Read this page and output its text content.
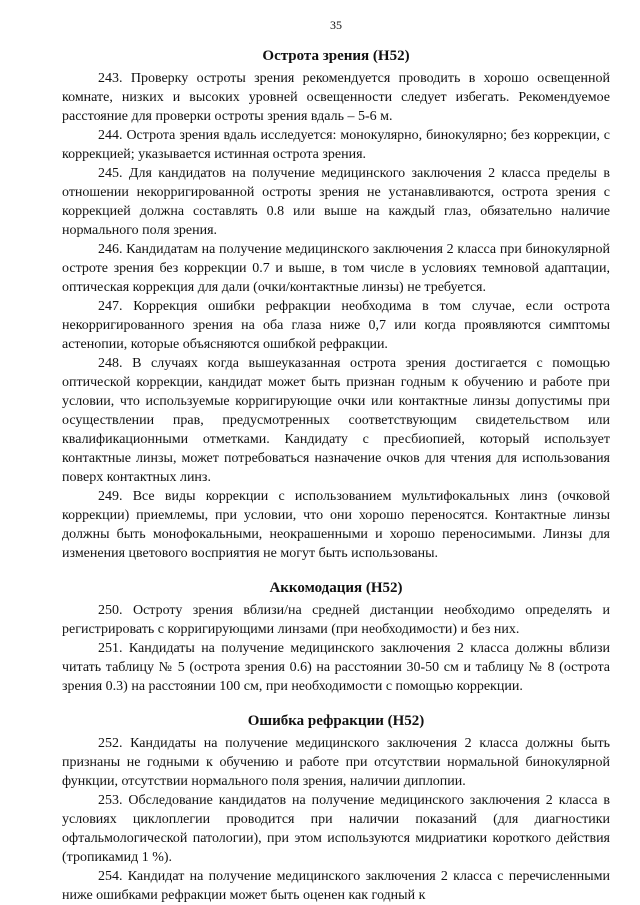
35
Острота зрения (Н52)

243. Проверку остроты зрения рекомендуется проводить в хорошо освещенной комнате, низких и высоких уровней освещенности следует избегать. Рекомендуемое расстояние для проверки остроты зрения вдаль – 5-6 м.

244. Острота зрения вдаль исследуется: монокулярно, бинокулярно; без коррекции, с коррекцией; указывается истинная острота зрения.

245. Для кандидатов на получение медицинского заключения 2 класса пределы в отношении некорригированной остроты зрения не устанавливаются, острота зрения с коррекцией должна составлять 0.8 или выше на каждый глаз, обязательно наличие нормального поля зрения.

246. Кандидатам на получение медицинского заключения 2 класса при бинокулярной остроте зрения без коррекции 0.7 и выше, в том числе в условиях темновой адаптации, оптическая коррекция для дали (очки/контактные линзы) не требуется.

247. Коррекция ошибки рефракции необходима в том случае, если острота некорригированного зрения на оба глаза ниже 0,7 или когда проявляются симптомы астенопии, которые объясняются ошибкой рефракции.

248. В случаях когда вышеуказанная острота зрения достигается с помощью оптической коррекции, кандидат может быть признан годным к обучению и работе при условии, что используемые корригирующие очки или контактные линзы допустимы при осуществлении прав, предусмотренных соответствующим свидетельством или квалификационными отметками. Кандидату с пресбиопией, который использует контактные линзы, может потребоваться назначение очков для чтения для использования поверх контактных линз.

249. Все виды коррекции с использованием мультифокальных линз (очковой коррекции) приемлемы, при условии, что они хорошо переносятся. Контактные линзы должны быть монофокальными, неокрашенными и хорошо переносимыми. Линзы для изменения цветового восприятия не могут быть использованы.

Аккомодация (Н52)

250. Остроту зрения вблизи/на средней дистанции необходимо определять и регистрировать с корригирующими линзами (при необходимости) и без них.

251. Кандидаты на получение медицинского заключения 2 класса должны вблизи читать таблицу № 5 (острота зрения 0.6) на расстоянии 30-50 см и таблицу № 8 (острота зрения 0.3) на расстоянии 100 см, при необходимости с помощью коррекции.

Ошибка рефракции (Н52)

252. Кандидаты на получение медицинского заключения 2 класса должны быть признаны не годными к обучению и работе при отсутствии нормальной бинокулярной функции, отсутствии нормального поля зрения, наличии диплопии.

253. Обследование кандидатов на получение медицинского заключения 2 класса в условиях циклоплегии проводится при наличии показаний (для диагностики офтальмологической патологии), при этом используются мидриатики короткого действия (тропикамид 1 %).

254. Кандидат на получение медицинского заключения 2 класса с перечисленными ниже ошибками рефракции может быть оценен как годный к
